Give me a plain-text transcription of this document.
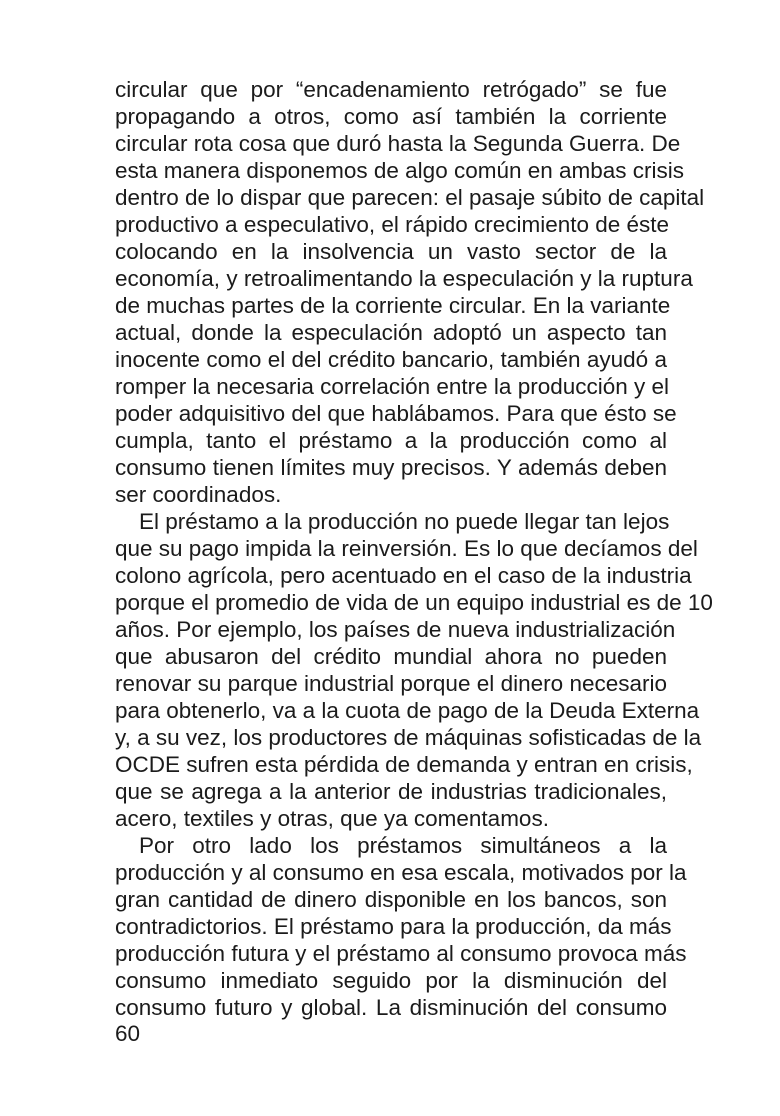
circular que por “encadenamiento retrógado” se fue
propagando a otros, como así también la corriente
circular rota cosa que duró hasta la Segunda Guerra. De
esta manera disponemos de algo común en ambas crisis
dentro de lo dispar que parecen: el pasaje súbito de capital
productivo a especulativo, el rápido crecimiento de éste
colocando en la insolvencia un vasto sector de la
economía, y retroalimentando la especulación y la ruptura
de muchas partes de la corriente circular. En la variante
actual, donde la especulación adoptó un aspecto tan
inocente como el del crédito bancario, también ayudó a
romper la necesaria correlación entre la producción y el
poder adquisitivo del que hablábamos. Para que ésto se
cumpla, tanto el préstamo a la producción como al
consumo tienen límites muy precisos. Y además deben
ser coordinados.
El préstamo a la producción no puede llegar tan lejos
que su pago impida la reinversión. Es lo que decíamos del
colono agrícola, pero acentuado en el caso de la industria
porque el promedio de vida de un equipo industrial es de 10
años. Por ejemplo, los países de nueva industrialización
que abusaron del crédito mundial ahora no pueden
renovar su parque industrial porque el dinero necesario
para obtenerlo, va a la cuota de pago de la Deuda Externa
y, a su vez, los productores de máquinas sofisticadas de la
OCDE sufren esta pérdida de demanda y entran en crisis,
que se agrega a la anterior de industrias tradicionales,
acero, textiles y otras, que ya comentamos.
Por otro lado los préstamos simultáneos a la
producción y al consumo en esa escala, motivados por la
gran cantidad de dinero disponible en los bancos, son
contradictorios. El préstamo para la producción, da más
producción futura y el préstamo al consumo provoca más
consumo inmediato seguido por la disminución del
consumo futuro y global. La disminución del consumo
60
